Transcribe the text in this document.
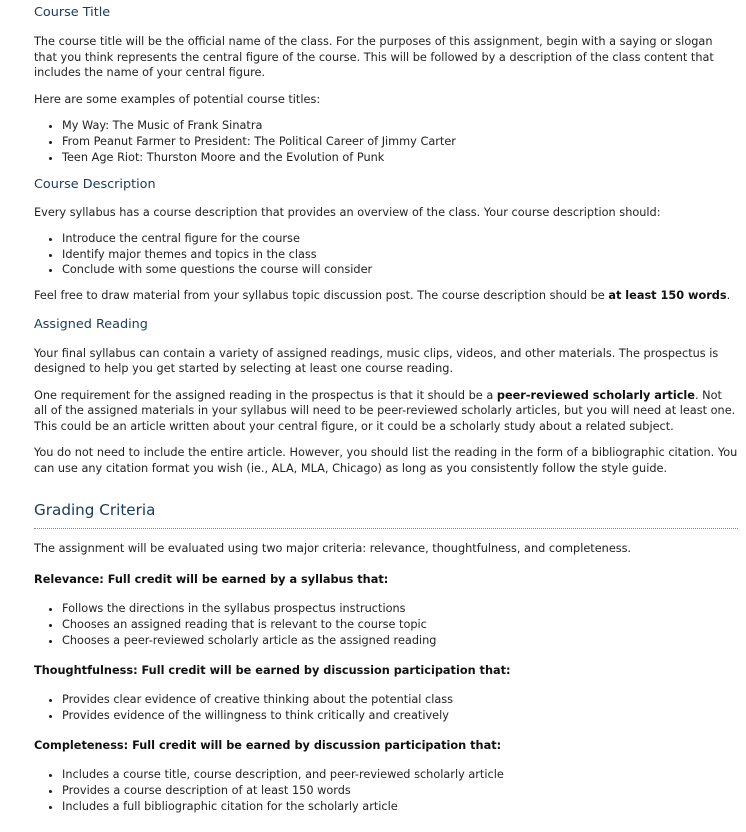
Course Title

The course title will be the official name of the class. For the purposes of this assignment, begin with a saying or slogan that you think represents the central figure of the course. This will be followed by a description of the class content that includes the name of your central figure.

Here are some examples of potential course titles:

• My Way: The Music of Frank Sinatra
• From Peanut Farmer to President: The Political Career of Jimmy Carter
• Teen Age Riot: Thurston Moore and the Evolution of Punk
Course Description

Every syllabus has a course description that provides an overview of the class. Your course description should:

• Introduce the central figure for the course
• Identify major themes and topics in the class
• Conclude with some questions the course will consider

Feel free to draw material from your syllabus topic discussion post. The course description should be at least 150 words.

Assigned Reading

Your final syllabus can contain a variety of assigned readings, music clips, videos, and other materials. The prospectus is designed to help you get started by selecting at least one course reading.

One requirement for the assigned reading in the prospectus is that it should be a peer-reviewed scholarly article. Not all of the assigned materials in your syllabus will need to be peer-reviewed scholarly articles, but you will need at least one. This could be an article written about your central figure, or it could be a scholarly study about a related subject.

You do not need to include the entire article. However, you should list the reading in the form of a bibliographic citation. You can use any citation format you wish (ie., ALA, MLA, Chicago) as long as you consistently follow the style guide.

Grading Criteria

The assignment will be evaluated using two major criteria: relevance, thoughtfulness, and completeness.

Relevance: Full credit will be earned by a syllabus that:

• Follows the directions in the syllabus prospectus instructions
• Chooses an assigned reading that is relevant to the course topic
• Chooses a peer-reviewed scholarly article as the assigned reading

Thoughtfulness: Full credit will be earned by discussion participation that:

• Provides clear evidence of creative thinking about the potential class
• Provides evidence of the willingness to think critically and creatively

Completeness: Full credit will be earned by discussion participation that:

• Includes a course title, course description, and peer-reviewed scholarly article
• Provides a course description of at least 150 words
• Includes a full bibliographic citation for the scholarly article
